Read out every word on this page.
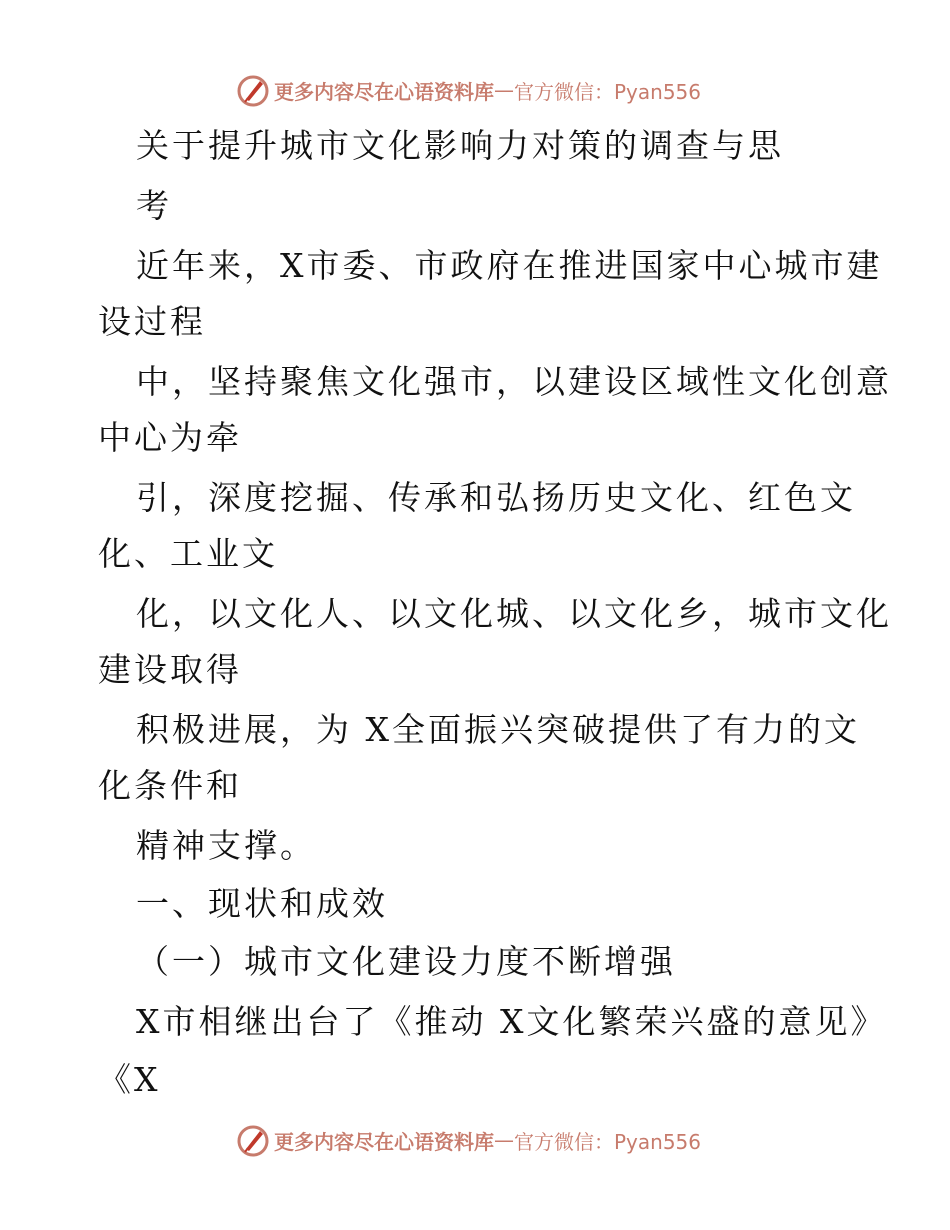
更多内容尽在心语资料库 — 官方微信：Pyan556
关于提升城市文化影响力对策的调查与思
考
近年来，X市委、市政府在推进国家中心城市建
设过程
中，坚持聚焦文化强市，以建设区域性文化创意
中心为牵
引，深度挖掘、传承和弘扬历史文化、红色文
化、工业文
化，以文化人、以文化城、以文化乡，城市文化
建设取得
积极进展，为 X全面振兴突破提供了有力的文
化条件和
精神支撑。
一、现状和成效
（一）城市文化建设力度不断增强
X市相继出台了《推动 X文化繁荣兴盛的意见》
《X
更多内容尽在心语资料库 — 官方微信：Pyan556
